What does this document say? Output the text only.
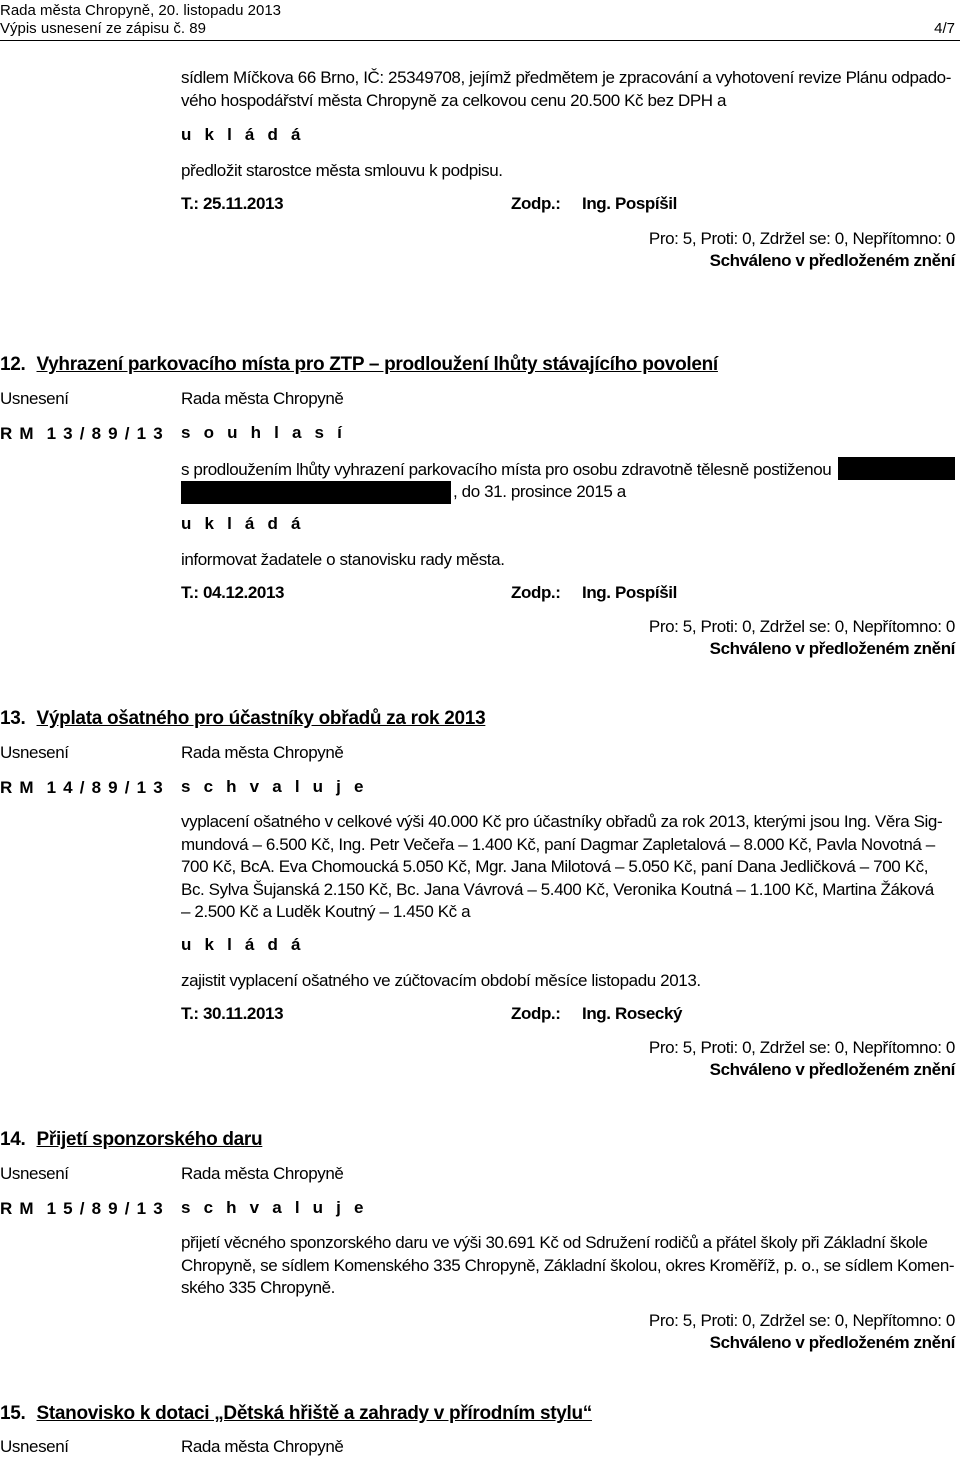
Rada města Chropyně, 20. listopadu 2013
Výpis usnesení ze zápisu č. 89	4/7
sídlem Míčkova 66 Brno, IČ: 25349708, jejímž předmětem je zpracování a vyhotovení revize Plánu odpado-
vého hospodářství města Chropyně za celkovou cenu 20.500 Kč bez DPH a
u k l á d á
předložit starostce města smlouvu k podpisu.
T.: 25.11.2013	Zodp.: Ing. Pospíšil
Pro: 5, Proti: 0, Zdržel se: 0, Nepřítomno: 0
Schváleno v předloženém znění
12. Vyhrazení parkovacího místa pro ZTP – prodloužení lhůty stávajícího povolení
Usnesení	Rada města Chropyně
R M  1 3 / 8 9 / 1 3 s o u h l a s í
s prodloužením lhůty vyhrazení parkovacího místa pro osobu zdravotně tělesně postiženou
, do 31. prosince 2015 a
u k l á d á
informovat žadatele o stanovisku rady města.
T.: 04.12.2013	Zodp.: Ing. Pospíšil
Pro: 5, Proti: 0, Zdržel se: 0, Nepřítomno: 0
Schváleno v předloženém znění
13. Výplata ošatného pro účastníky obřadů za rok 2013
Usnesení	Rada města Chropyně
R M  1 4 / 8 9 / 1 3 s c h v a l u j e
vyplacení ošatného v celkové výši 40.000 Kč pro účastníky obřadů za rok 2013, kterými jsou Ing. Věra Sig-
mundová – 6.500 Kč, Ing. Petr Večeřa – 1.400 Kč, paní Dagmar Zapletalová – 8.000 Kč, Pavla Novotná –
700 Kč, BcA. Eva Chomoucká 5.050 Kč, Mgr. Jana Milotová – 5.050 Kč, paní Dana Jedličková – 700 Kč,
Bc. Sylva Šujanská 2.150 Kč, Bc. Jana Vávrová – 5.400 Kč, Veronika Koutná – 1.100 Kč, Martina Žáková
– 2.500 Kč a Luděk Koutný – 1.450 Kč a
u k l á d á
zajistit vyplacení ošatného ve zúčtovacím období měsíce listopadu 2013.
T.: 30.11.2013	Zodp.: Ing. Rosecký
Pro: 5, Proti: 0, Zdržel se: 0, Nepřítomno: 0
Schváleno v předloženém znění
14. Přijetí sponzorského daru
Usnesení	Rada města Chropyně
R M  1 5 / 8 9 / 1 3 s c h v a l u j e
přijetí věcného sponzorského daru ve výši 30.691 Kč od Sdružení rodičů a přátel školy při Základní škole
Chropyně, se sídlem Komenského 335 Chropyně, Základní školou, okres Kroměříž, p. o., se sídlem Komen-
ského 335 Chropyně.
Pro: 5, Proti: 0, Zdržel se: 0, Nepřítomno: 0
Schváleno v předloženém znění
15. Stanovisko k dotaci „Dětská hřiště a zahrady v přírodním stylu“
Usnesení	Rada města Chropyně
